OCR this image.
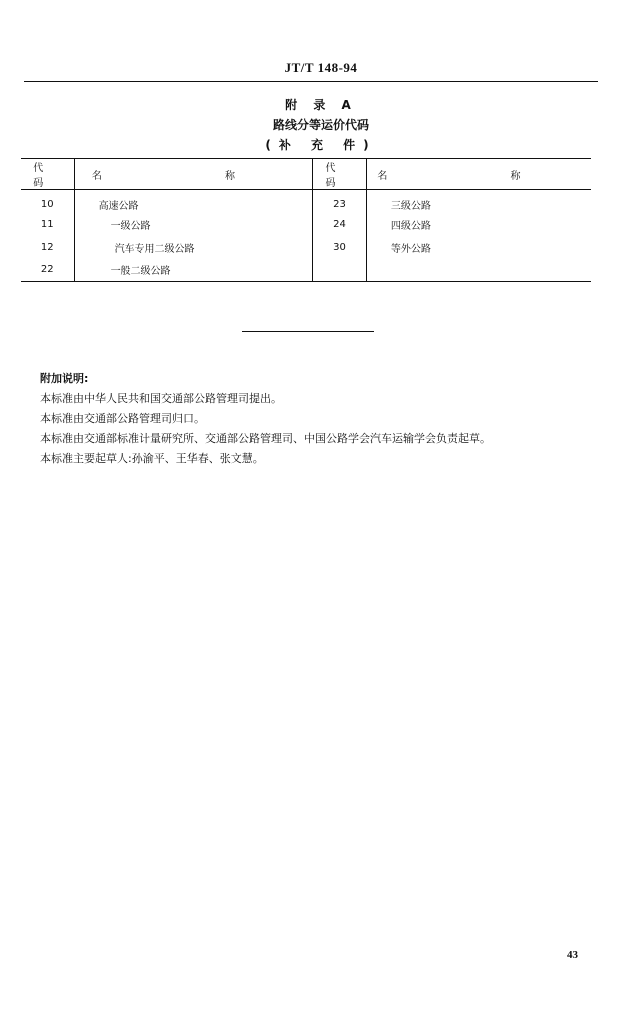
JT/T 148-94
附 录 A
路线分等运价代码
(补 充 件)
代 码	名 称	代 码	名 称
10	高速公路	23	三级公路
11	一级公路	24	四级公路
12	汽车专用二级公路	30	等外公路
22	一般二级公路		
附加说明:
本标准由中华人民共和国交通部公路管理司提出。
本标准由交通部公路管理司归口。
本标准由交通部标准计量研究所、交通部公路管理司、中国公路学会汽车运输学会负责起草。
本标准主要起草人:孙渝平、王华春、张文慧。
43
